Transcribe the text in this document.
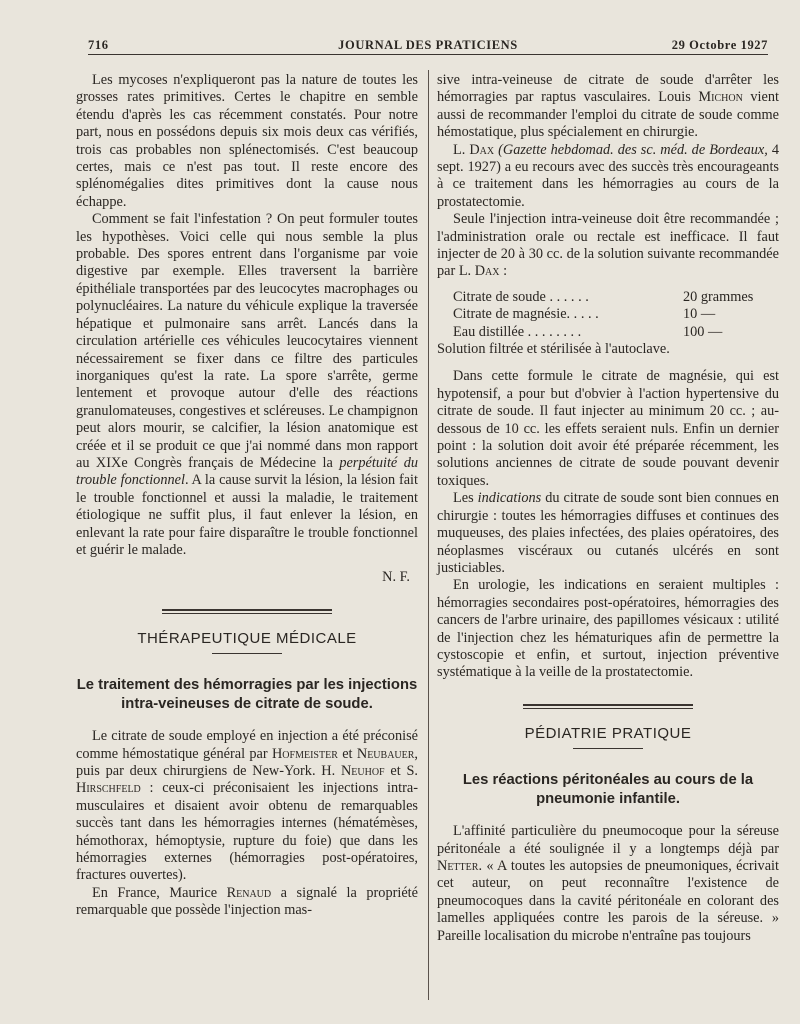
716	JOURNAL DES PRATICIENS	29 Octobre 1927

Les mycoses n'expliqueront pas la nature de toutes les grosses rates primitives. Certes le chapitre en semble étendu d'après les cas récemment constatés. Pour notre part, nous en possédons depuis six mois deux cas vérifiés, trois cas probables non splénectomisés. C'est beaucoup certes, mais ce n'est pas tout. Il reste encore des splénomégalies dites primitives dont la cause nous échappe.

Comment se fait l'infestation ? On peut formuler toutes les hypothèses. Voici celle qui nous semble la plus probable. Des spores entrent dans l'organisme par voie digestive par exemple. Elles traversent la barrière épithéliale transportées par des leucocytes macrophages ou polynucléaires. La nature du véhicule explique la traversée hépatique et pulmonaire sans arrêt. Lancés dans la circulation artérielle ces véhicules leucocytaires viennent nécessairement se fixer dans ce filtre des particules inorganiques qu'est la rate. La spore s'arrête, germe lentement et provoque autour d'elle des réactions granulomateuses, congestives et scléreuses. Le champignon peut alors mourir, se calcifier, la lésion anatomique est créée et il se produit ce que j'ai nommé dans mon rapport au XIXe Congrès français de Médecine la perpétuité du trouble fonctionnel. A la cause survit la lésion, la lésion fait le trouble fonctionnel et aussi la maladie, le traitement étiologique ne suffit plus, il faut enlever la lésion, en enlevant la rate pour faire disparaître le trouble fonctionnel et guérir le malade.

N. F.

THÉRAPEUTIQUE MÉDICALE
Le traitement des hémorragies par les injections intra-veineuses de citrate de soude.

Le citrate de soude employé en injection a été préconisé comme hémostatique général par Hofmeister et Neubauer, puis par deux chirurgiens de New-York. H. Neuhof et S. Hirschfeld : ceux-ci préconisaient les injections intra-musculaires et disaient avoir obtenu de remarquables succès tant dans les hémorragies internes (hématémèses, hémothorax, hémoptysie, rupture du foie) que dans les hémorragies externes (hémorragies post-opératoires, fractures ouvertes).

En France, Maurice Renaud a signalé la propriété remarquable que possède l'injection mas-

sive intra-veineuse de citrate de soude d'arrêter les hémorragies par raptus vasculaires. Louis Michon vient aussi de recommander l'emploi du citrate de soude comme hémostatique, plus spécialement en chirurgie.

L. Dax (Gazette hebdomad. des sc. méd. de Bordeaux, 4 sept. 1927) a eu recours avec des succès très encourageants à ce traitement dans les hémorragies au cours de la prostatectomie.

Seule l'injection intra-veineuse doit être recommandée ; l'administration orale ou rectale est inefficace. Il faut injecter de 20 à 30 cc. de la solution suivante recommandée par L. Dax :

Citrate de soude . . . . . .	20 grammes
Citrate de magnésie. . . . .	10 —
Eau distillée . . . . . . . .	100 —

Solution filtrée et stérilisée à l'autoclave.

Dans cette formule le citrate de magnésie, qui est hypotensif, a pour but d'obvier à l'action hypertensive du citrate de soude. Il faut injecter au minimum 20 cc. ; au-dessous de 10 cc. les effets seraient nuls. Enfin un dernier point : la solution doit avoir été préparée récemment, les solutions anciennes de citrate de soude pouvant devenir toxiques.

Les indications du citrate de soude sont bien connues en chirurgie : toutes les hémorragies diffuses et continues des muqueuses, des plaies infectées, des plaies opératoires, des néoplasmes viscéraux ou cutanés ulcérés en sont justiciables.

En urologie, les indications en seraient multiples : hémorragies secondaires post-opératoires, hémorragies des cancers de l'arbre urinaire, des papillomes vésicaux : utilité de l'injection chez les hématuriques afin de permettre la cystoscopie et enfin, et surtout, injection préventive systématique à la veille de la prostatectomie.

PÉDIATRIE PRATIQUE
Les réactions péritonéales au cours de la pneumonie infantile.

L'affinité particulière du pneumocoque pour la séreuse péritonéale a été soulignée il y a longtemps déjà par Netter. « A toutes les autopsies de pneumoniques, écrivait cet auteur, on peut reconnaître l'existence de pneumocoques dans la cavité péritonéale en colorant des lamelles appliquées contre les parois de la séreuse. » Pareille localisation du microbe n'entraîne pas toujours
